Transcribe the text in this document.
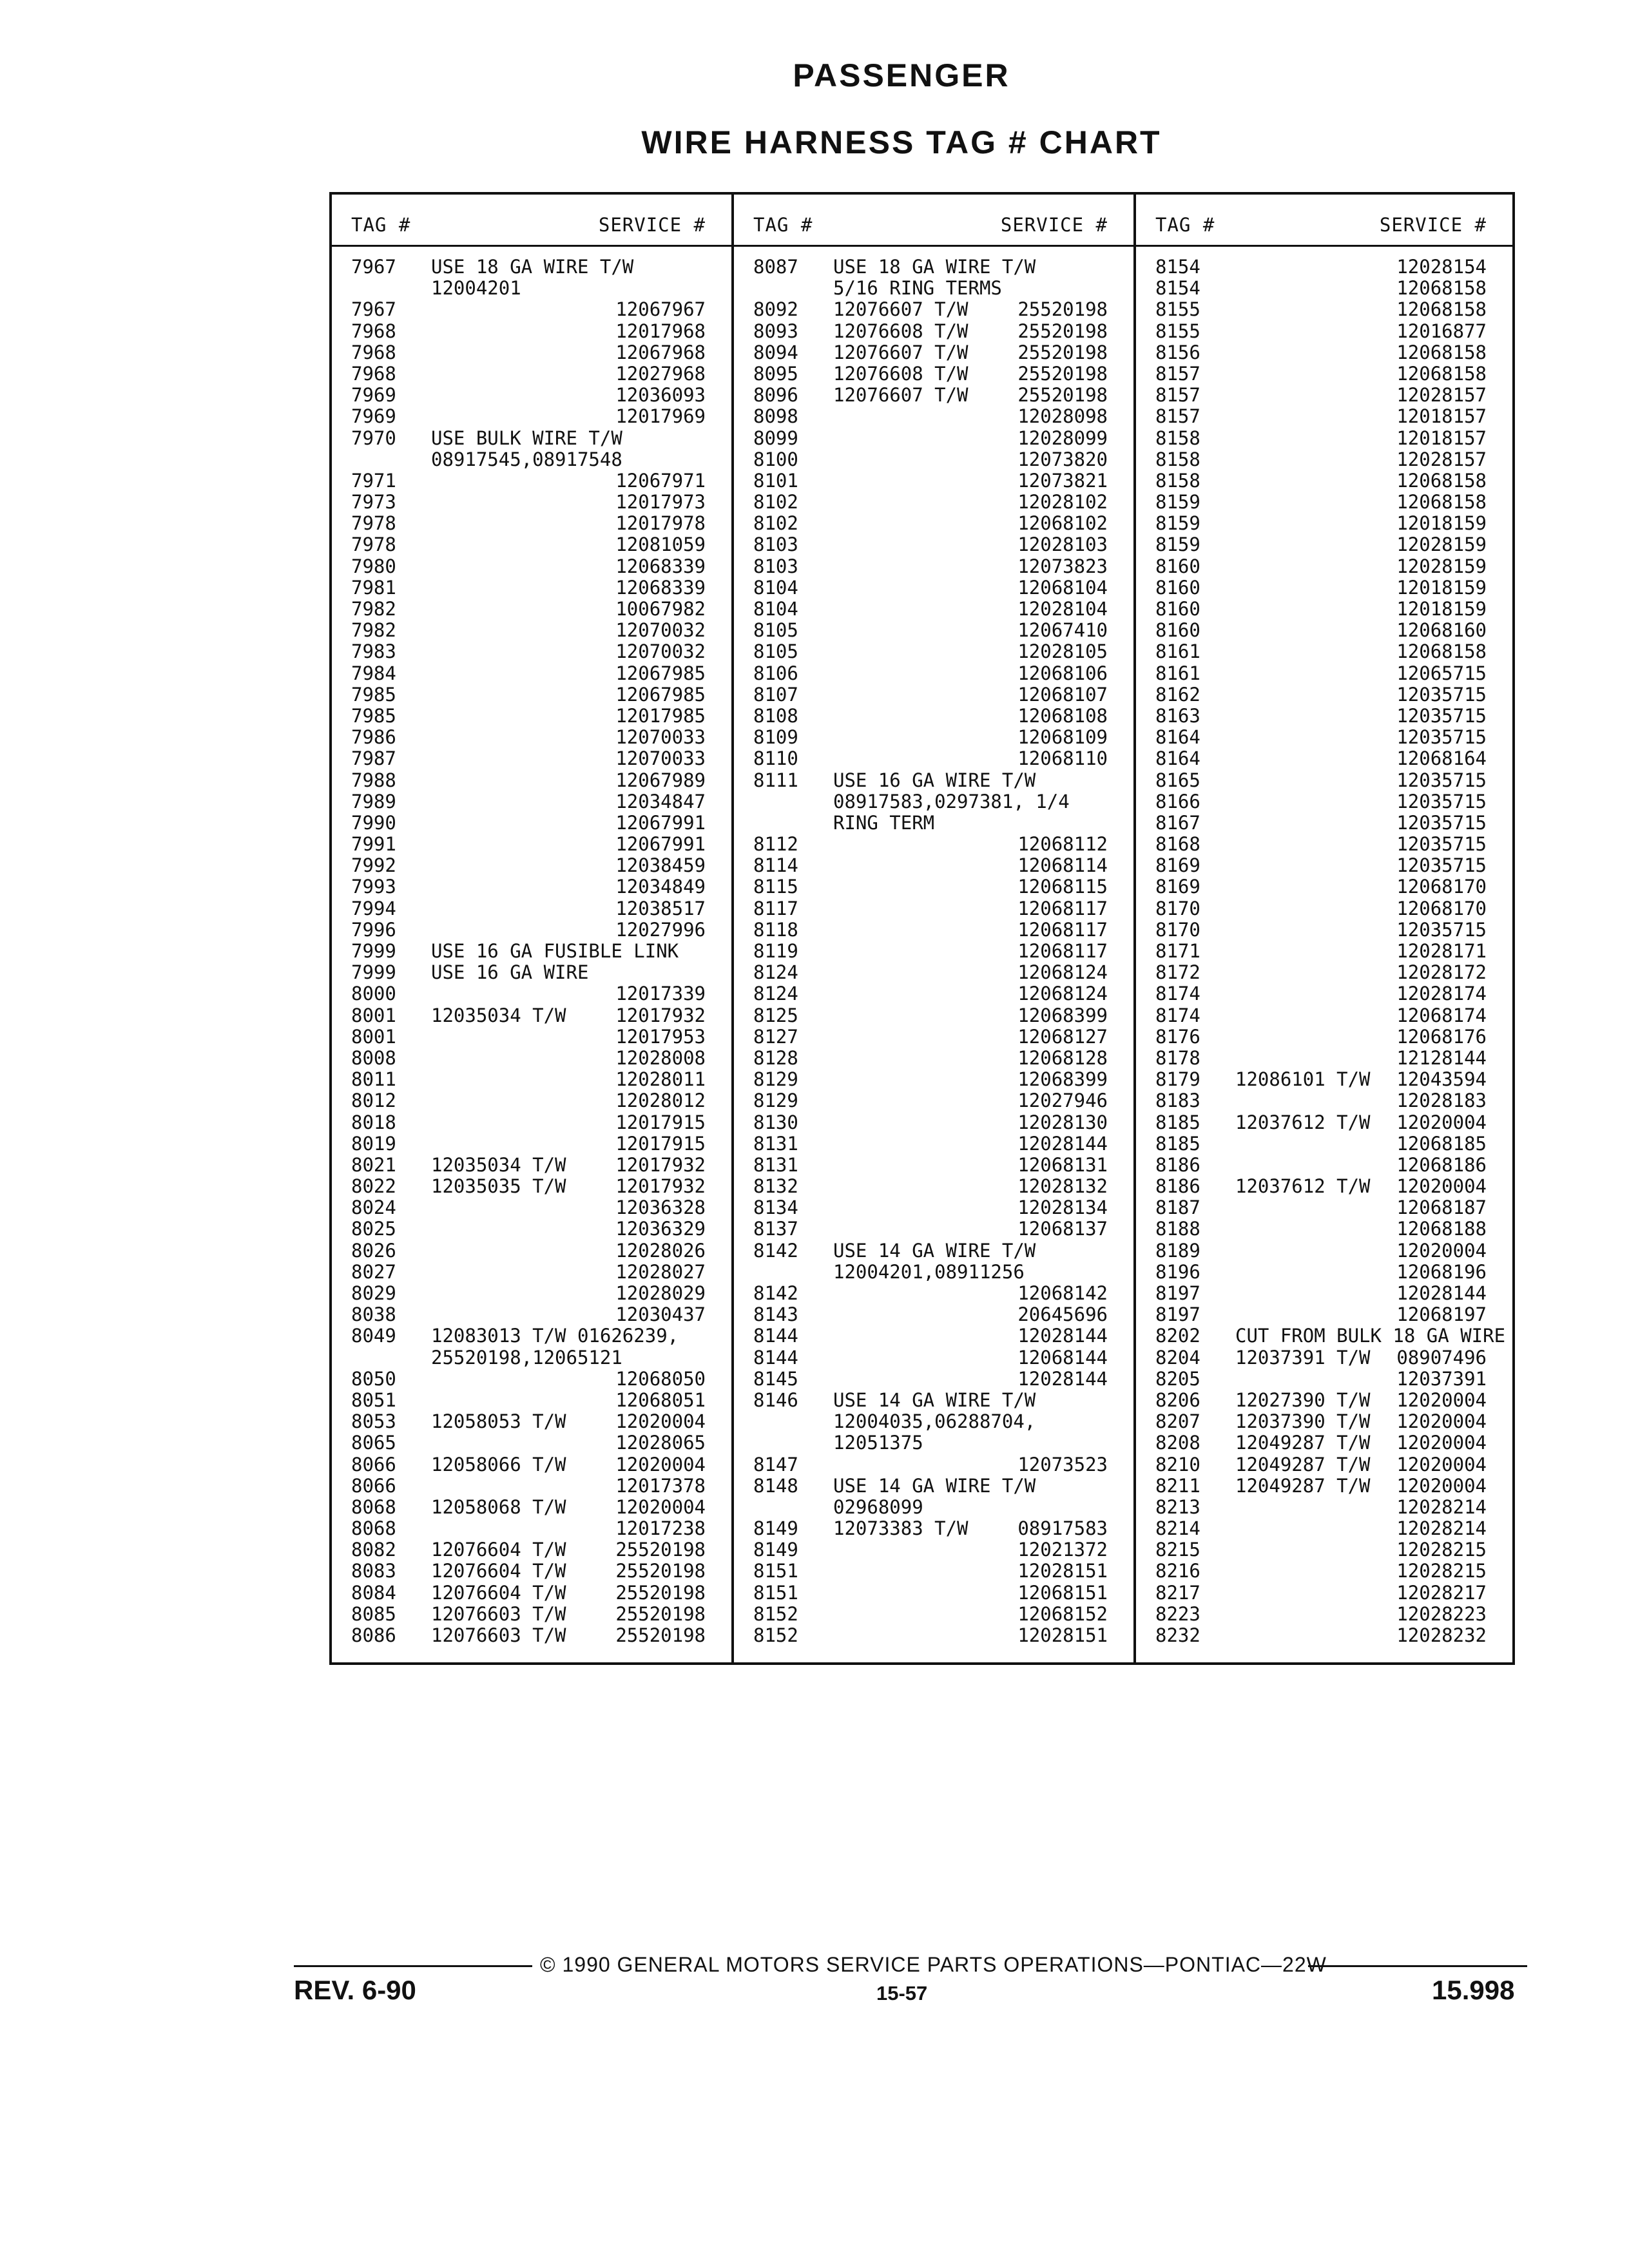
PASSENGER
WIRE HARNESS TAG # CHART
TAG #	SERVICE #
7967 USE 18 GA WIRE T/W
12004201
7967	12067967
7968	12017968
7968	12067968
7968	12027968
7969	12036093
7969	12017969
7970 USE BULK WIRE T/W
08917545,08917548
7971	12067971
7973	12017973
7978	12017978
7978	12081059
7980	12068339
7981	12068339
7982	10067982
7982	12070032
7983	12070032
7984	12067985
7985	12067985
7985	12017985
7986	12070033
7987	12070033
7988	12067989
7989	12034847
7990	12067991
7991	12067991
7992	12038459
7993	12034849
7994	12038517
7996	12027996
7999 USE 16 GA FUSIBLE LINK
7999 USE 16 GA WIRE
8000	12017339
8001 12035034 T/W	12017932
8001	12017953
8008	12028008
8011	12028011
8012	12028012
8018	12017915
8019	12017915
8021 12035034 T/W	12017932
8022 12035035 T/W	12017932
8024	12036328
8025	12036329
8026	12028026
8027	12028027
8029	12028029
8038	12030437
8049 12083013 T/W 01626239,
25520198,12065121
8050	12068050
8051	12068051
8053 12058053 T/W	12020004
8065	12028065
8066 12058066 T/W	12020004
8066	12017378
8068 12058068 T/W	12020004
8068	12017238
8082 12076604 T/W	25520198
8083 12076604 T/W	25520198
8084 12076604 T/W	25520198
8085 12076603 T/W	25520198
8086 12076603 T/W	25520198
TAG #	SERVICE #
8087 USE 18 GA WIRE T/W
5/16 RING TERMS
8092 12076607 T/W	25520198
8093 12076608 T/W	25520198
8094 12076607 T/W	25520198
8095 12076608 T/W	25520198
8096 12076607 T/W	25520198
8098	12028098
8099	12028099
8100	12073820
8101	12073821
8102	12028102
8102	12068102
8103	12028103
8103	12073823
8104	12068104
8104	12028104
8105	12067410
8105	12028105
8106	12068106
8107	12068107
8108	12068108
8109	12068109
8110	12068110
8111 USE 16 GA WIRE T/W
08917583,0297381, 1/4
RING TERM
8112	12068112
8114	12068114
8115	12068115
8117	12068117
8118	12068117
8119	12068117
8124	12068124
8124	12068124
8125	12068399
8127	12068127
8128	12068128
8129	12068399
8129	12027946
8130	12028130
8131	12028144
8131	12068131
8132	12028132
8134	12028134
8137	12068137
8142 USE 14 GA WIRE T/W
12004201,08911256
8142	12068142
8143	20645696
8144	12028144
8144	12068144
8145	12028144
8146 USE 14 GA WIRE T/W
12004035,06288704,
12051375
8147	12073523
8148 USE 14 GA WIRE T/W
02968099
8149 12073383 T/W	08917583
8149	12021372
8151	12028151
8151	12068151
8152	12068152
8152	12028151
TAG #	SERVICE #
8154	12028154
8154	12068158
8155	12068158
8155	12016877
8156	12068158
8157	12068158
8157	12028157
8157	12018157
8158	12018157
8158	12028157
8158	12068158
8159	12068158
8159	12018159
8159	12028159
8160	12028159
8160	12018159
8160	12018159
8160	12068160
8161	12068158
8161	12065715
8162	12035715
8163	12035715
8164	12035715
8164	12068164
8165	12035715
8166	12035715
8167	12035715
8168	12035715
8169	12035715
8169	12068170
8170	12068170
8170	12035715
8171	12028171
8172	12028172
8174	12028174
8174	12068174
8176	12068176
8178	12128144
8179 12086101 T/W 12043594
8183	12028183
8185 12037612 T/W 12020004
8185	12068185
8186	12068186
8186 12037612 T/W 12020004
8187	12068187
8188	12068188
8189	12020004
8196	12068196
8197	12028144
8197	12068197
8202 CUT FROM BULK 18 GA WIRE
8204 12037391 T/W 08907496
8205	12037391
8206 12027390 T/W 12020004
8207 12037390 T/W 12020004
8208 12049287 T/W 12020004
8210 12049287 T/W 12020004
8211 12049287 T/W 12020004
8213	12028214
8214	12028214
8215	12028215
8216	12028215
8217	12028217
8223	12028223
8232	12028232
© 1990 GENERAL MOTORS SERVICE PARTS OPERATIONS—PONTIAC—22W
REV. 6-90	15-57	15.998
